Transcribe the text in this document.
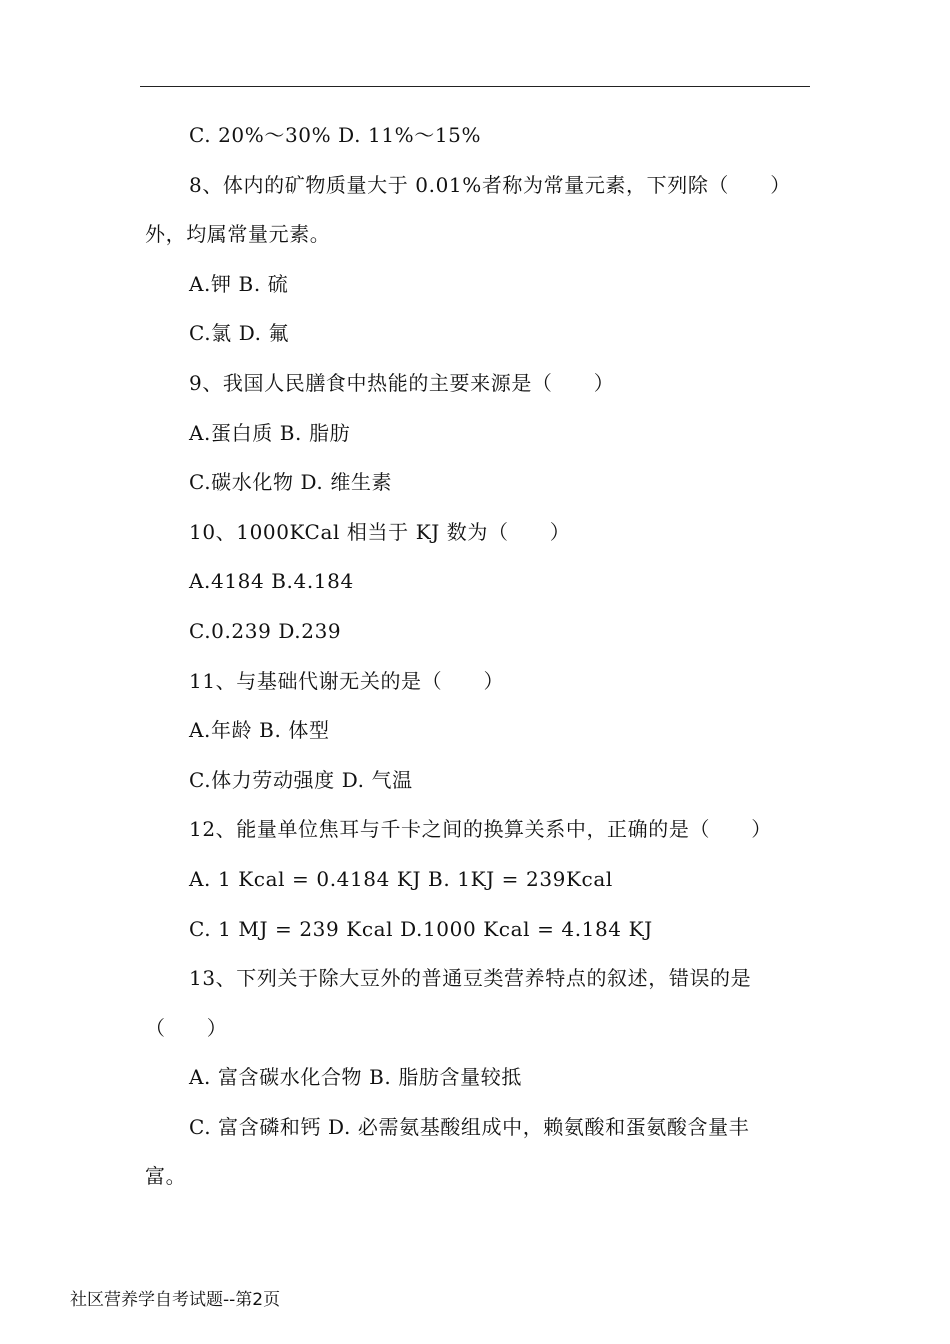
C. 20%～30% D. 11%～15%
8、体内的矿物质量大于 0.01%者称为常量元素，下列除（　　）
外，均属常量元素。
A.钾 B. 硫
C.氯 D. 氟
9、我国人民膳食中热能的主要来源是（　　）
A.蛋白质 B. 脂肪
C.碳水化物 D. 维生素
10、1000KCal 相当于 KJ 数为（　　）
A.4184 B.4.184
C.0.239 D.239
11、与基础代谢无关的是（　　）
A.年龄 B. 体型
C.体力劳动强度 D. 气温
12、能量单位焦耳与千卡之间的换算关系中，正确的是（　　）
A. 1 Kcal = 0.4184 KJ B. 1KJ = 239Kcal
C. 1 MJ = 239 Kcal D.1000 Kcal = 4.184 KJ
13、下列关于除大豆外的普通豆类营养特点的叙述，错误的是
（　　）
A. 富含碳水化合物 B. 脂肪含量较抵
C. 富含磷和钙 D. 必需氨基酸组成中，赖氨酸和蛋氨酸含量丰
富。
社区营养学自考试题--第2页
